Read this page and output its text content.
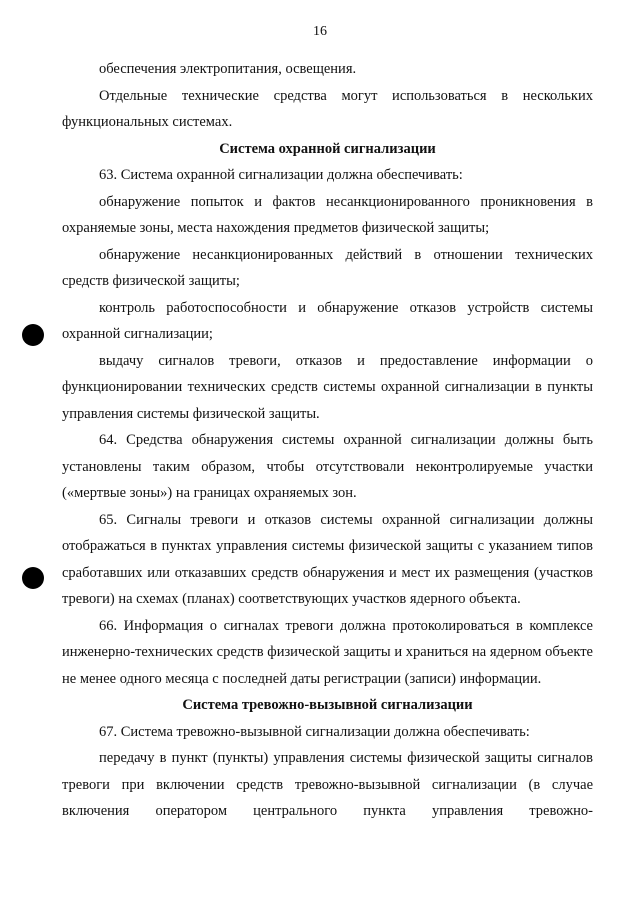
16

обеспечения электропитания, освещения.

Отдельные технические средства могут использоваться в нескольких функциональных системах.

Система охранной сигнализации

63. Система охранной сигнализации должна обеспечивать:

обнаружение попыток и фактов несанкционированного проникновения в охраняемые зоны, места нахождения предметов физической защиты;

обнаружение несанкционированных действий в отношении технических средств физической защиты;

контроль работоспособности и обнаружение отказов устройств системы охранной сигнализации;

выдачу сигналов тревоги, отказов и предоставление информации о функционировании технических средств системы охранной сигнализации в пункты управления системы физической защиты.

64. Средства обнаружения системы охранной сигнализации должны быть установлены таким образом, чтобы отсутствовали неконтролируемые участки («мертвые зоны») на границах охраняемых зон.

65. Сигналы тревоги и отказов системы охранной сигнализации должны отображаться в пунктах управления системы физической защиты с указанием типов сработавших или отказавших средств обнаружения и мест их размещения (участков тревоги) на схемах (планах) соответствующих участков ядерного объекта.

66. Информация о сигналах тревоги должна протоколироваться в комплексе инженерно-технических средств физической защиты и храниться на ядерном объекте не менее одного месяца с последней даты регистрации (записи) информации.

Система тревожно-вызывной сигнализации

67. Система тревожно-вызывной сигнализации должна обеспечивать:

передачу в пункт (пункты) управления системы физической защиты сигналов тревоги при включении средств тревожно-вызывной сигнализации (в случае включения оператором центрального пункта управления тревожно-
